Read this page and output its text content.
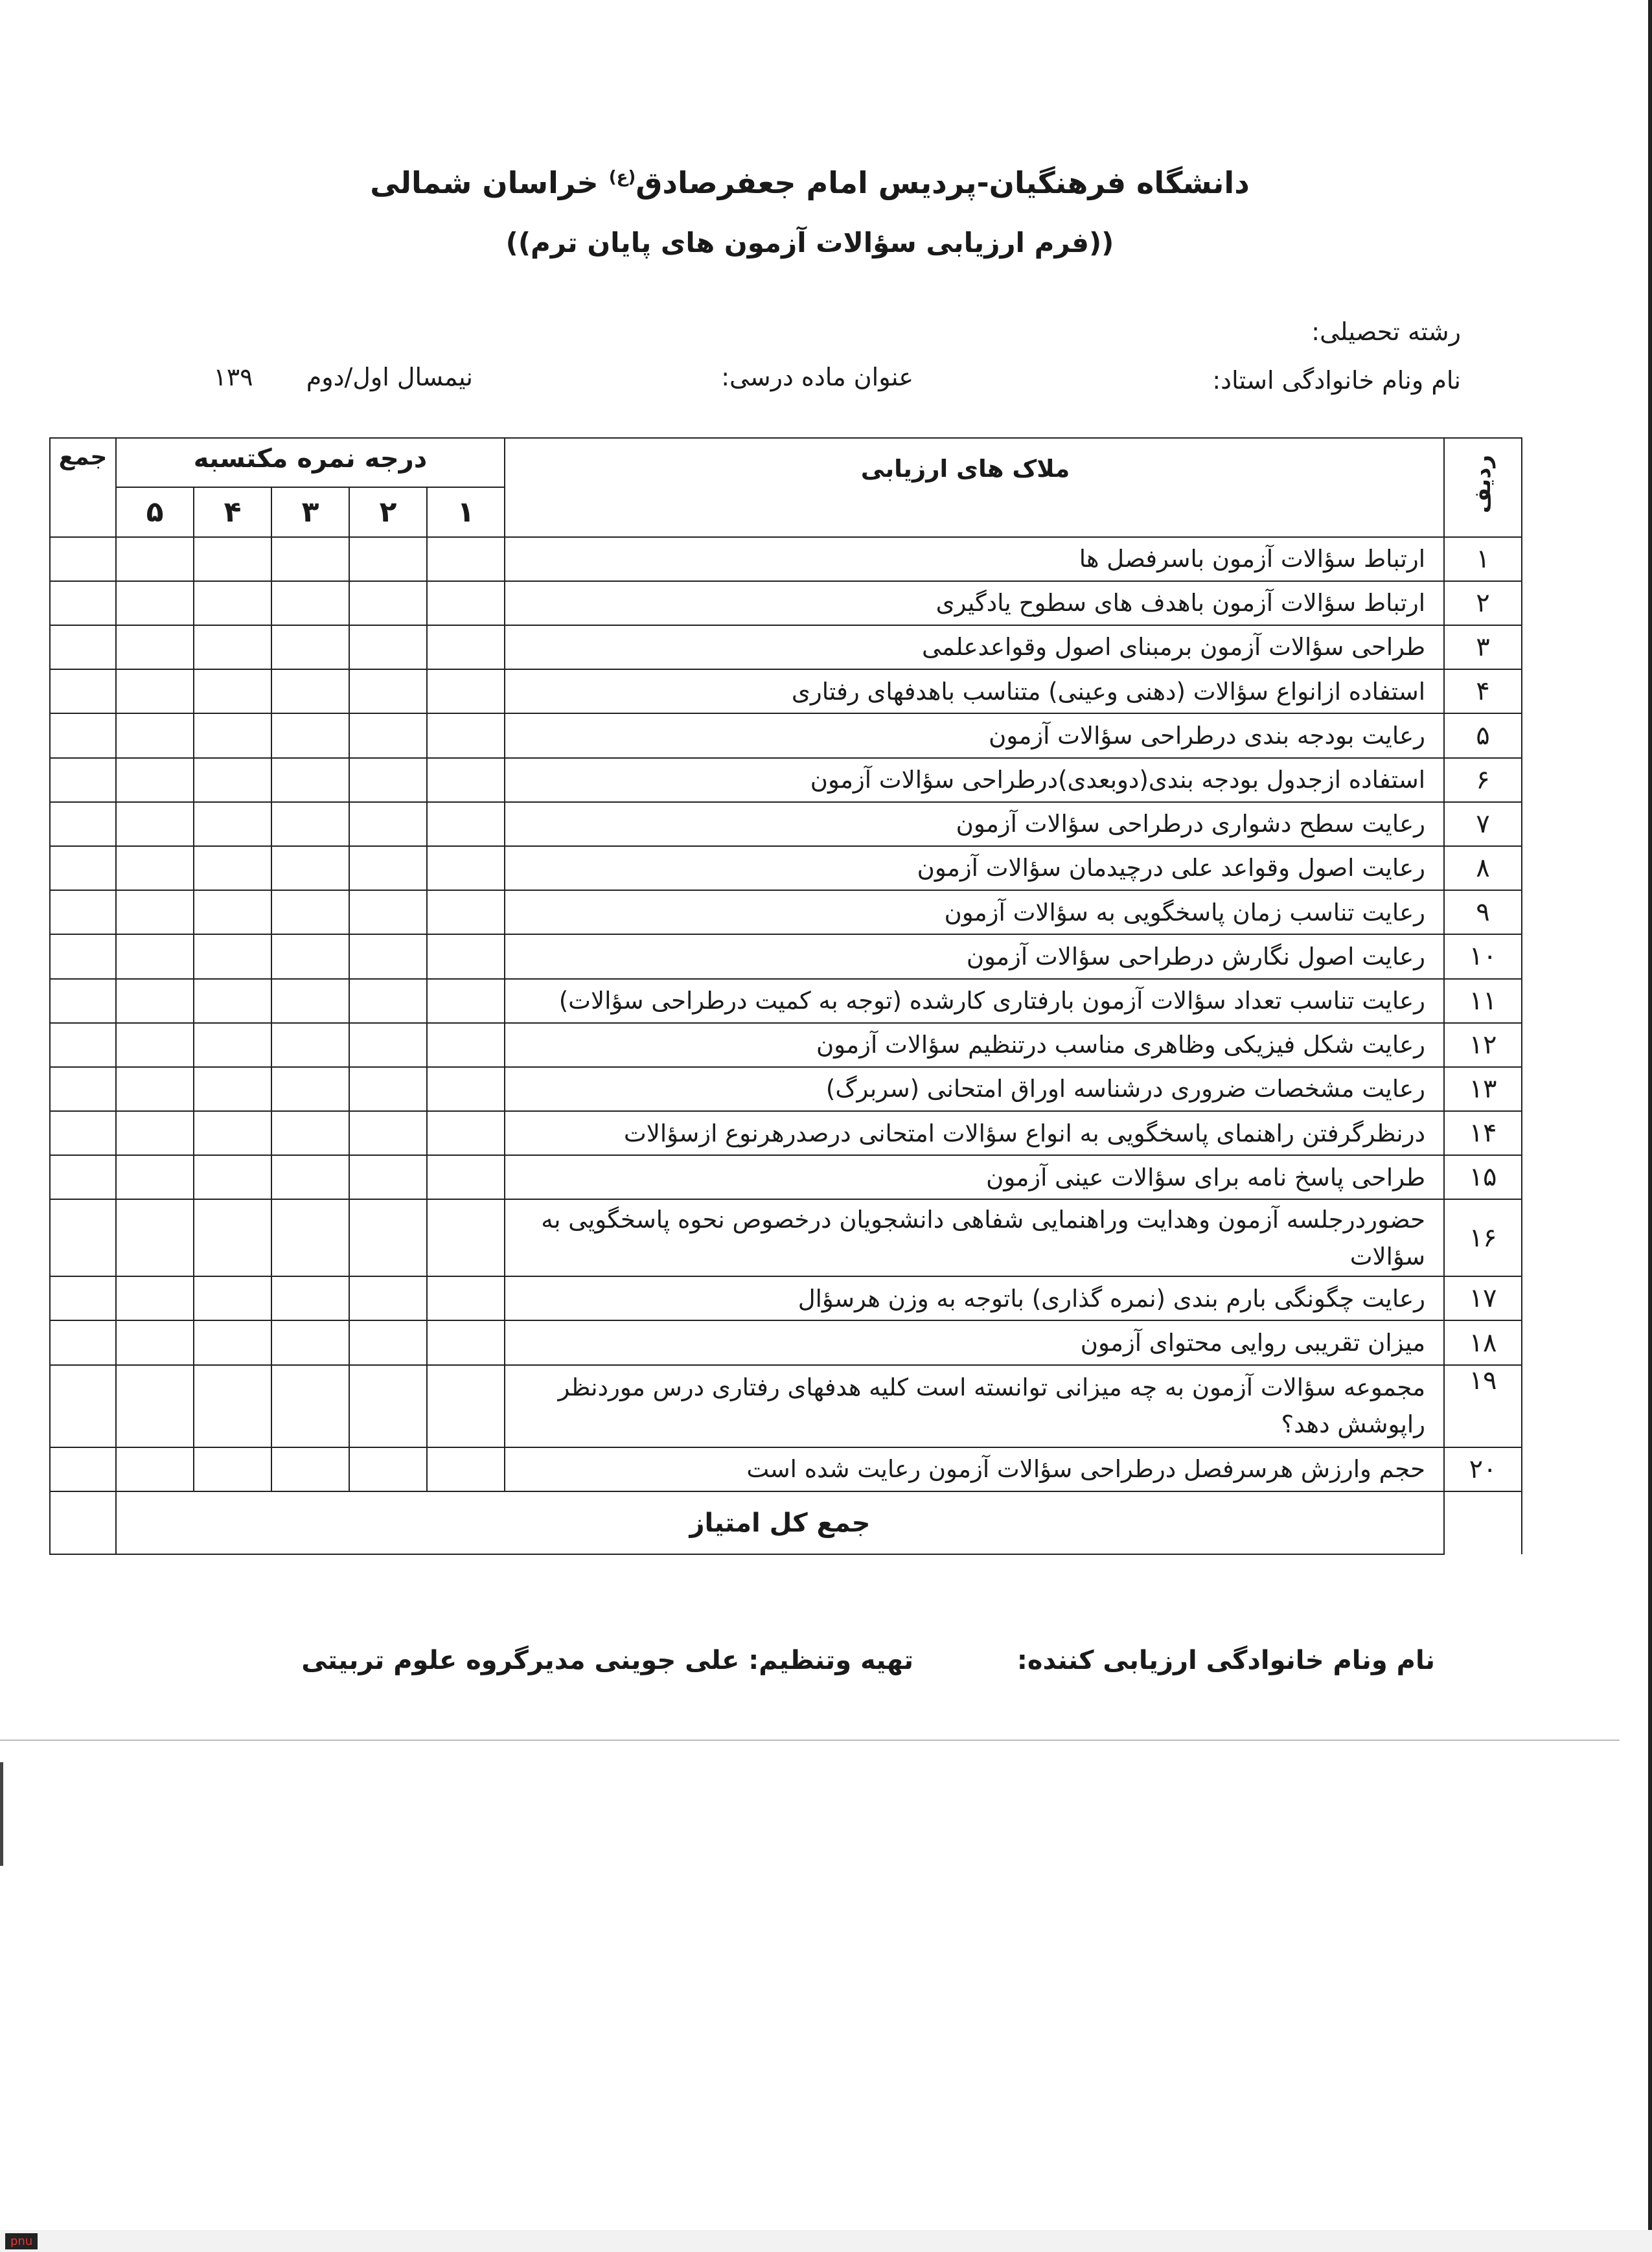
pnu
دانشگاه فرهنگیان-پردیس امام جعفرصادق$^{(ع)}$ خراسان شمالی
((فرم ارزیابی سؤالات آزمون های پایان ترم))
رشته تحصیلی:
نام ونام خانوادگی استاد:
عنوان ماده درسی:
نیمسال اول/دوم ۱۳۹
ردیف	ملاک های ارزیابی	درجه نمره مکتسبه					جمع
		۱	۲	۳	۴	۵	
۱	ارتباط سؤالات آزمون باسرفصل ها						
۲	ارتباط سؤالات آزمون باهدف های سطوح یادگیری						
۳	طراحی سؤالات آزمون برمبنای اصول وقواعدعلمی						
۴	استفاده ازانواع سؤالات (دهنی وعینی) متناسب باهدفهای رفتاری						
۵	رعایت بودجه بندی درطراحی سؤالات آزمون						
۶	استفاده ازجدول بودجه بندی(دوبعدی)درطراحی سؤالات آزمون						
۷	رعایت سطح دشواری درطراحی سؤالات آزمون						
۸	رعایت اصول وقواعد علی درچیدمان سؤالات آزمون						
۹	رعایت تناسب زمان پاسخگویی به سؤالات آزمون						
۱۰	رعایت اصول نگارش درطراحی سؤالات آزمون						
۱۱	رعایت تناسب تعداد سؤالات آزمون بارفتاری کارشده (توجه به کمیت درطراحی سؤالات)						
۱۲	رعایت شکل فیزیکی وظاهری مناسب درتنظیم سؤالات آزمون						
۱۳	رعایت مشخصات ضروری درشناسه اوراق امتحانی (سربرگ)						
۱۴	درنظرگرفتن راهنمای پاسخگویی به انواع سؤالات امتحانی درصدرهرنوع ازسؤالات						
۱۵	طراحی پاسخ نامه برای سؤالات عینی آزمون						
۱۶	حضوردرجلسه آزمون وهدایت وراهنمایی شفاهی دانشجویان درخصوص نحوه پاسخگویی به سؤالات						
۱۷	رعایت چگونگی بارم بندی (نمره گذاری) باتوجه به وزن هرسؤال						
۱۸	میزان تقریبی روایی محتوای آزمون						
۱۹	مجموعه سؤالات آزمون به چه میزانی توانسته است کلیه هدفهای رفتاری درس موردنظر راپوشش دهد؟						
۲۰	حجم وارزش هرسرفصل درطراحی سؤالات آزمون رعایت شده است						
	جمع کل امتیاز						
نام ونام خانوادگی ارزیابی کننده:
تهیه وتنظیم: علی جوینی مدیرگروه علوم تربیتی
